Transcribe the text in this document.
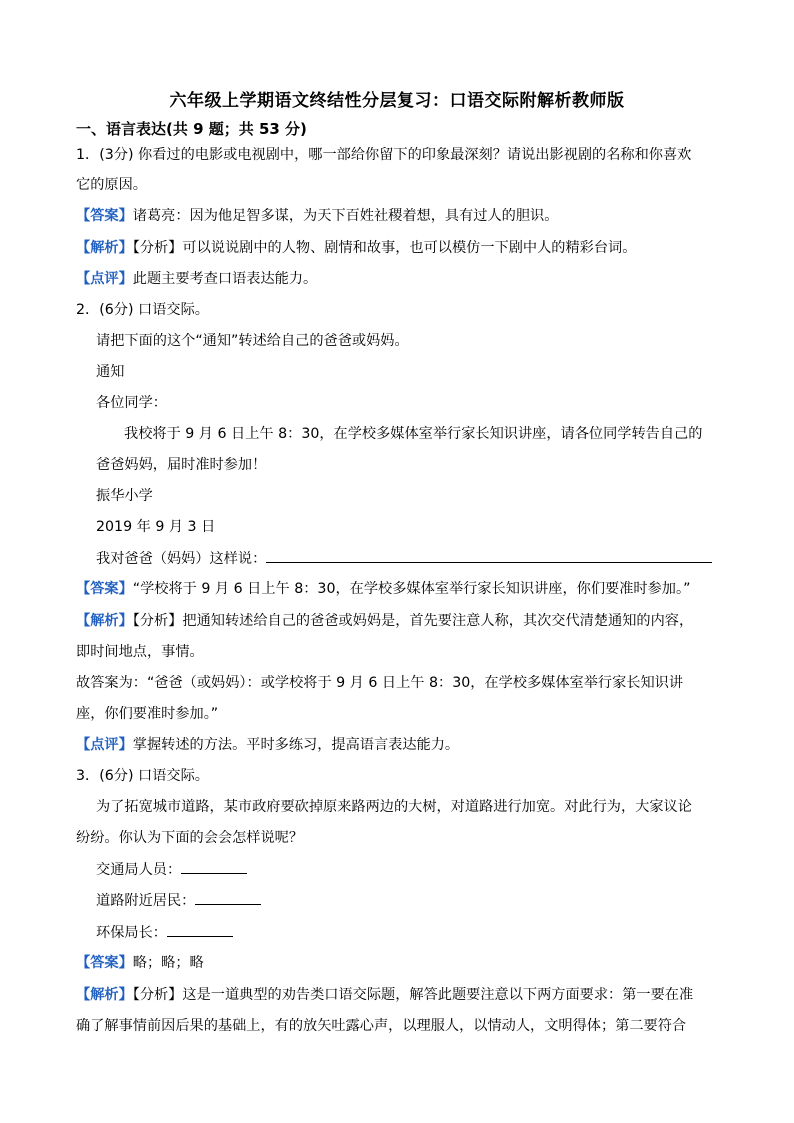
六年级上学期语文终结性分层复习：口语交际附解析教师版
一、语言表达(共 9 题；共 53 分)
1．(3分) 你看过的电影或电视剧中，哪一部给你留下的印象最深刻？请说出影视剧的名称和你喜欢
它的原因。
【答案】诸葛亮：因为他足智多谋，为天下百姓社稷着想，具有过人的胆识。
【解析】【分析】可以说说剧中的人物、剧情和故事，也可以模仿一下剧中人的精彩台词。
【点评】此题主要考查口语表达能力。
2．(6分) 口语交际。
请把下面的这个“通知”转述给自己的爸爸或妈妈。
通知
各位同学：
我校将于 9 月 6 日上午 8：30，在学校多媒体室举行家长知识讲座，请各位同学转告自己的
爸爸妈妈，届时准时参加！
振华小学
2019 年 9 月 3 日
我对爸爸（妈妈）这样说：
【答案】“学校将于 9 月 6 日上午 8：30，在学校多媒体室举行家长知识讲座，你们要准时参加。”
【解析】【分析】把通知转述给自己的爸爸或妈妈是，首先要注意人称，其次交代清楚通知的内容，
即时间地点，事情。
故答案为：“爸爸（或妈妈）：或学校将于 9 月 6 日上午 8：30，在学校多媒体室举行家长知识讲
座，你们要准时参加。”
【点评】掌握转述的方法。平时多练习，提高语言表达能力。
3．(6分) 口语交际。
为了拓宽城市道路，某市政府要砍掉原来路两边的大树，对道路进行加宽。对此行为，大家议论
纷纷。你认为下面的会会怎样说呢？
交通局人员：
道路附近居民：
环保局长：
【答案】略；略；略
【解析】【分析】这是一道典型的劝告类口语交际题，解答此题要注意以下两方面要求：第一要在准
确了解事情前因后果的基础上，有的放矢吐露心声，以理服人，以情动人，文明得体；第二要符合
